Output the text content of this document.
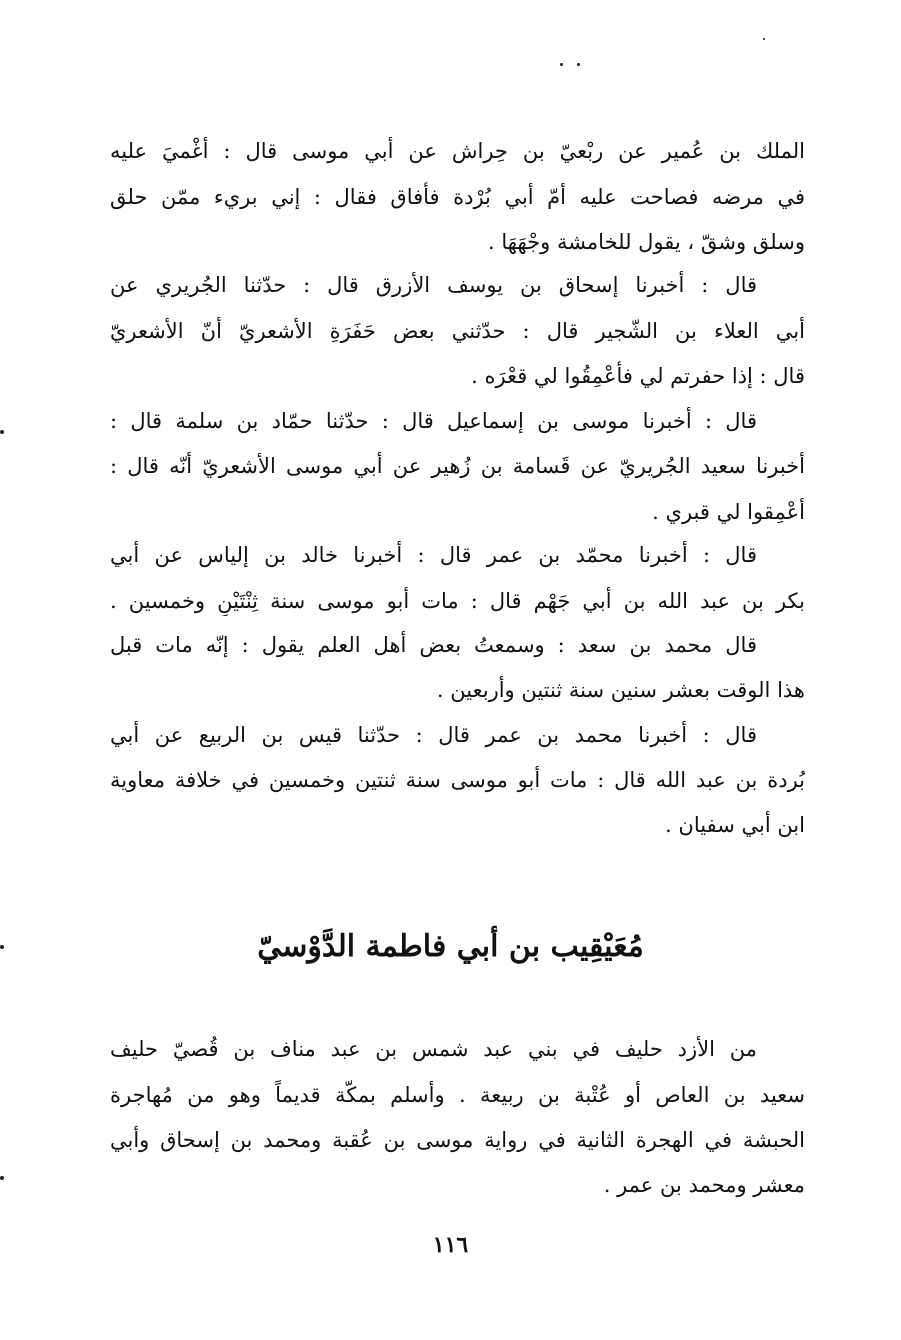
الملك بن عُمير عن ربْعيّ بن حِراش عن أبي موسى قال : أغْميَ عليه
في مرضه فصاحت عليه أمّ أبي بُرْدة فأفاق فقال : إني بريء ممّن حلق
وسلق وشقّ ، يقول للخامشة وجْهَهَا .
قال : أخبرنا إسحاق بن يوسف الأزرق قال : حدّثنا الجُريري عن
أبي العلاء بن الشّجير قال : حدّثني بعض حَفَرَةِ الأشعريّ أنّ الأشعريّ
قال : إذا حفرتم لي فأعْمِقُوا لي قعْرَه .
قال : أخبرنا موسى بن إسماعيل قال : حدّثنا حمّاد بن سلمة قال :
أخبرنا سعيد الجُريريّ عن قَسامة بن زُهير عن أبي موسى الأشعريّ أنّه قال :
أعْمِقوا لي قبري .
قال : أخبرنا محمّد بن عمر قال : أخبرنا خالد بن إلياس عن أبي
بكر بن عبد الله بن أبي جَهْم قال : مات أبو موسى سنة ثِنْتَيْنِ وخمسين .
قال محمد بن سعد : وسمعتُ بعض أهل العلم يقول : إنّه مات قبل
هذا الوقت بعشر سنين سنة ثنتين وأربعين .
قال : أخبرنا محمد بن عمر قال : حدّثنا قيس بن الربيع عن أبي
بُردة بن عبد الله قال : مات أبو موسى سنة ثنتين وخمسين في خلافة معاوية
ابن أبي سفيان .
مُعَيْقِيب بن أبي فاطمة الدَّوْسيّ
من الأزد حليف في بني عبد شمس بن عبد مناف بن قُصيّ حليف
سعيد بن العاص أو عُتْبة بن ربيعة . وأسلم بمكّة قديماً وهو من مُهاجرة
الحبشة في الهجرة الثانية في رواية موسى بن عُقبة ومحمد بن إسحاق وأبي
معشر ومحمد بن عمر .
١١٦
